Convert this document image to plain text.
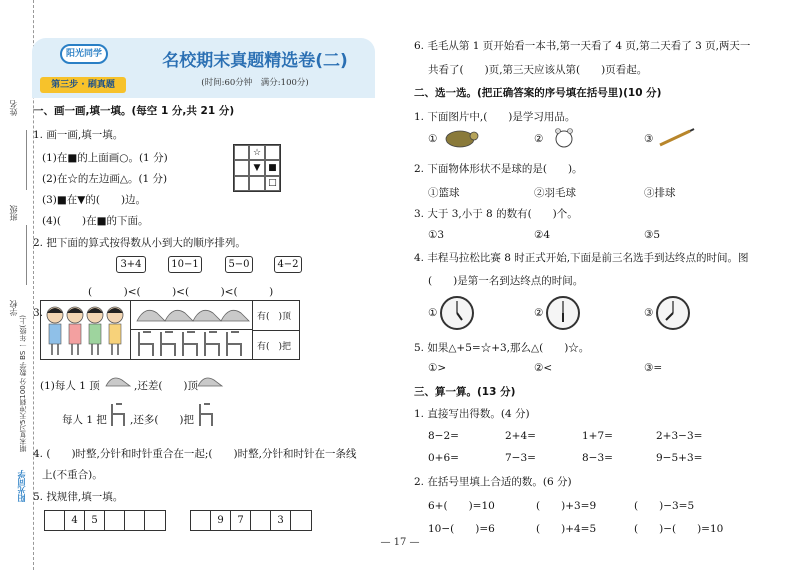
姓名
班级
学校
阳光同学
期末复习5天冲刺100分 数学 BS 一年级(上)
阳光同学
第三步 · 刷真题
名校期末真题精选卷(二)
(时间:60分钟　满分:100分)
一、画一画,填一填。(每空 1 分,共 21 分)
1. 画一画,填一填。
(1)在■的上面画○。(1 分)
(2)在☆的左边画△。(1 分)
(3)■在▼的(　　)边。
(4)(　　)在■的下面。
☆
▼ ■
□
2. 把下面的算式按得数从小到大的顺序排列。
3+4	10−1	5−0	4−2
(　　　)<(　　　)<(　　　)<(　　　)
3.	有(　)顶
有(　)把
(1)每人 1 顶	,还差(　　)顶
每人 1 把 ,还多(　　)把
4. (　　)时整,分针和时针重合在一起;(　　)时整,分针和时针在一条线
上(不重合)。
5. 找规律,填一填。
4	5	9	7	3
6. 毛毛从第 1 页开始看一本书,第一天看了 4 页,第二天看了 3 页,两天一
共看了(　　)页,第三天应该从第(　　)页看起。
二、选一选。(把正确答案的序号填在括号里)(10 分)
1. 下面图片中,(　　)是学习用品。
①	②	③
2. 下面物体形状不是球的是(　　)。
①篮球	②羽毛球	③排球
3. 大于 3,小于 8 的数有(　　)个。
①3	②4	③5
4. 丰程马拉松比赛 8 时正式开始,下面是前三名选手到达终点的时间。图
(　　)是第一名到达终点的时间。
①	②	③
5. 如果△+5=☆+3,那么△(　　)☆。
①>	②<	③=
三、算一算。(13 分)
1. 直接写出得数。(4 分)
8−2=	2+4=	1+7=	2+3−3=
0+6=	7−3=	8−3=	9−5+3=
2. 在括号里填上合适的数。(6 分)
6+(　　)=10	(　　)+3=9	(　　)−3=5
10−(　　)=6	(　　)+4=5	(　　)−(　　)=10
— 17 —
